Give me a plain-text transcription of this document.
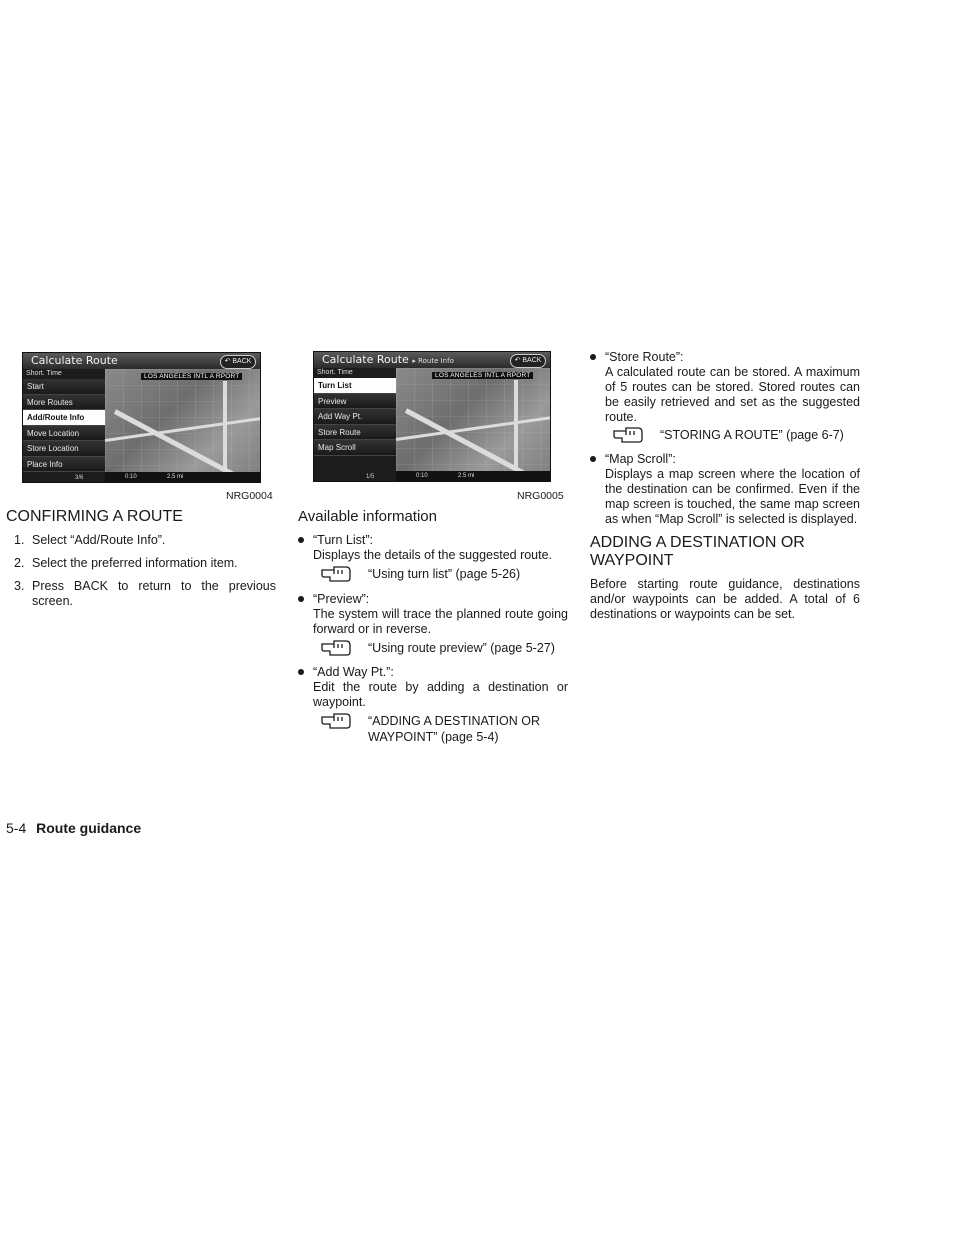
Calculate Route	↶ BACK
Short. Time
Start
More Routes
Add/Route Info
Move Location
Store Location
Place Info
3/6
LOS ANGELES INTL A RPORT
0:10	2.5 mi
NRG0004
Calculate Route ▸ Route Info	↶ BACK
Short. Time
Turn List
Preview
Add Way Pt.
Store Route
Map Scroll
1/5
LOS ANGELES INTL A RPORT
0:10	2.5 mi
NRG0005
CONFIRMING A ROUTE
1. Select “Add/Route Info”.
2. Select the preferred information item.
3. Press BACK to return to the previous screen.
Available information
“Turn List”:
Displays the details of the suggested route.
“Using turn list” (page 5-26)
“Preview”:
The system will trace the planned route going forward or in reverse.
“Using route preview” (page 5-27)
“Add Way Pt.”:
Edit the route by adding a destination or waypoint.
“ADDING A DESTINATION OR WAYPOINT” (page 5-4)
“Store Route”:
A calculated route can be stored. A maximum of 5 routes can be stored. Stored routes can be easily retrieved and set as the suggested route.
“STORING A ROUTE” (page 6-7)
“Map Scroll”:
Displays a map screen where the location of the destination can be confirmed. Even if the map screen is touched, the same map screen as when “Map Scroll” is selected is displayed.
ADDING A DESTINATION OR WAYPOINT
Before starting route guidance, destinations and/or waypoints can be added. A total of 6 destinations or waypoints can be set.
5-4 Route guidance
